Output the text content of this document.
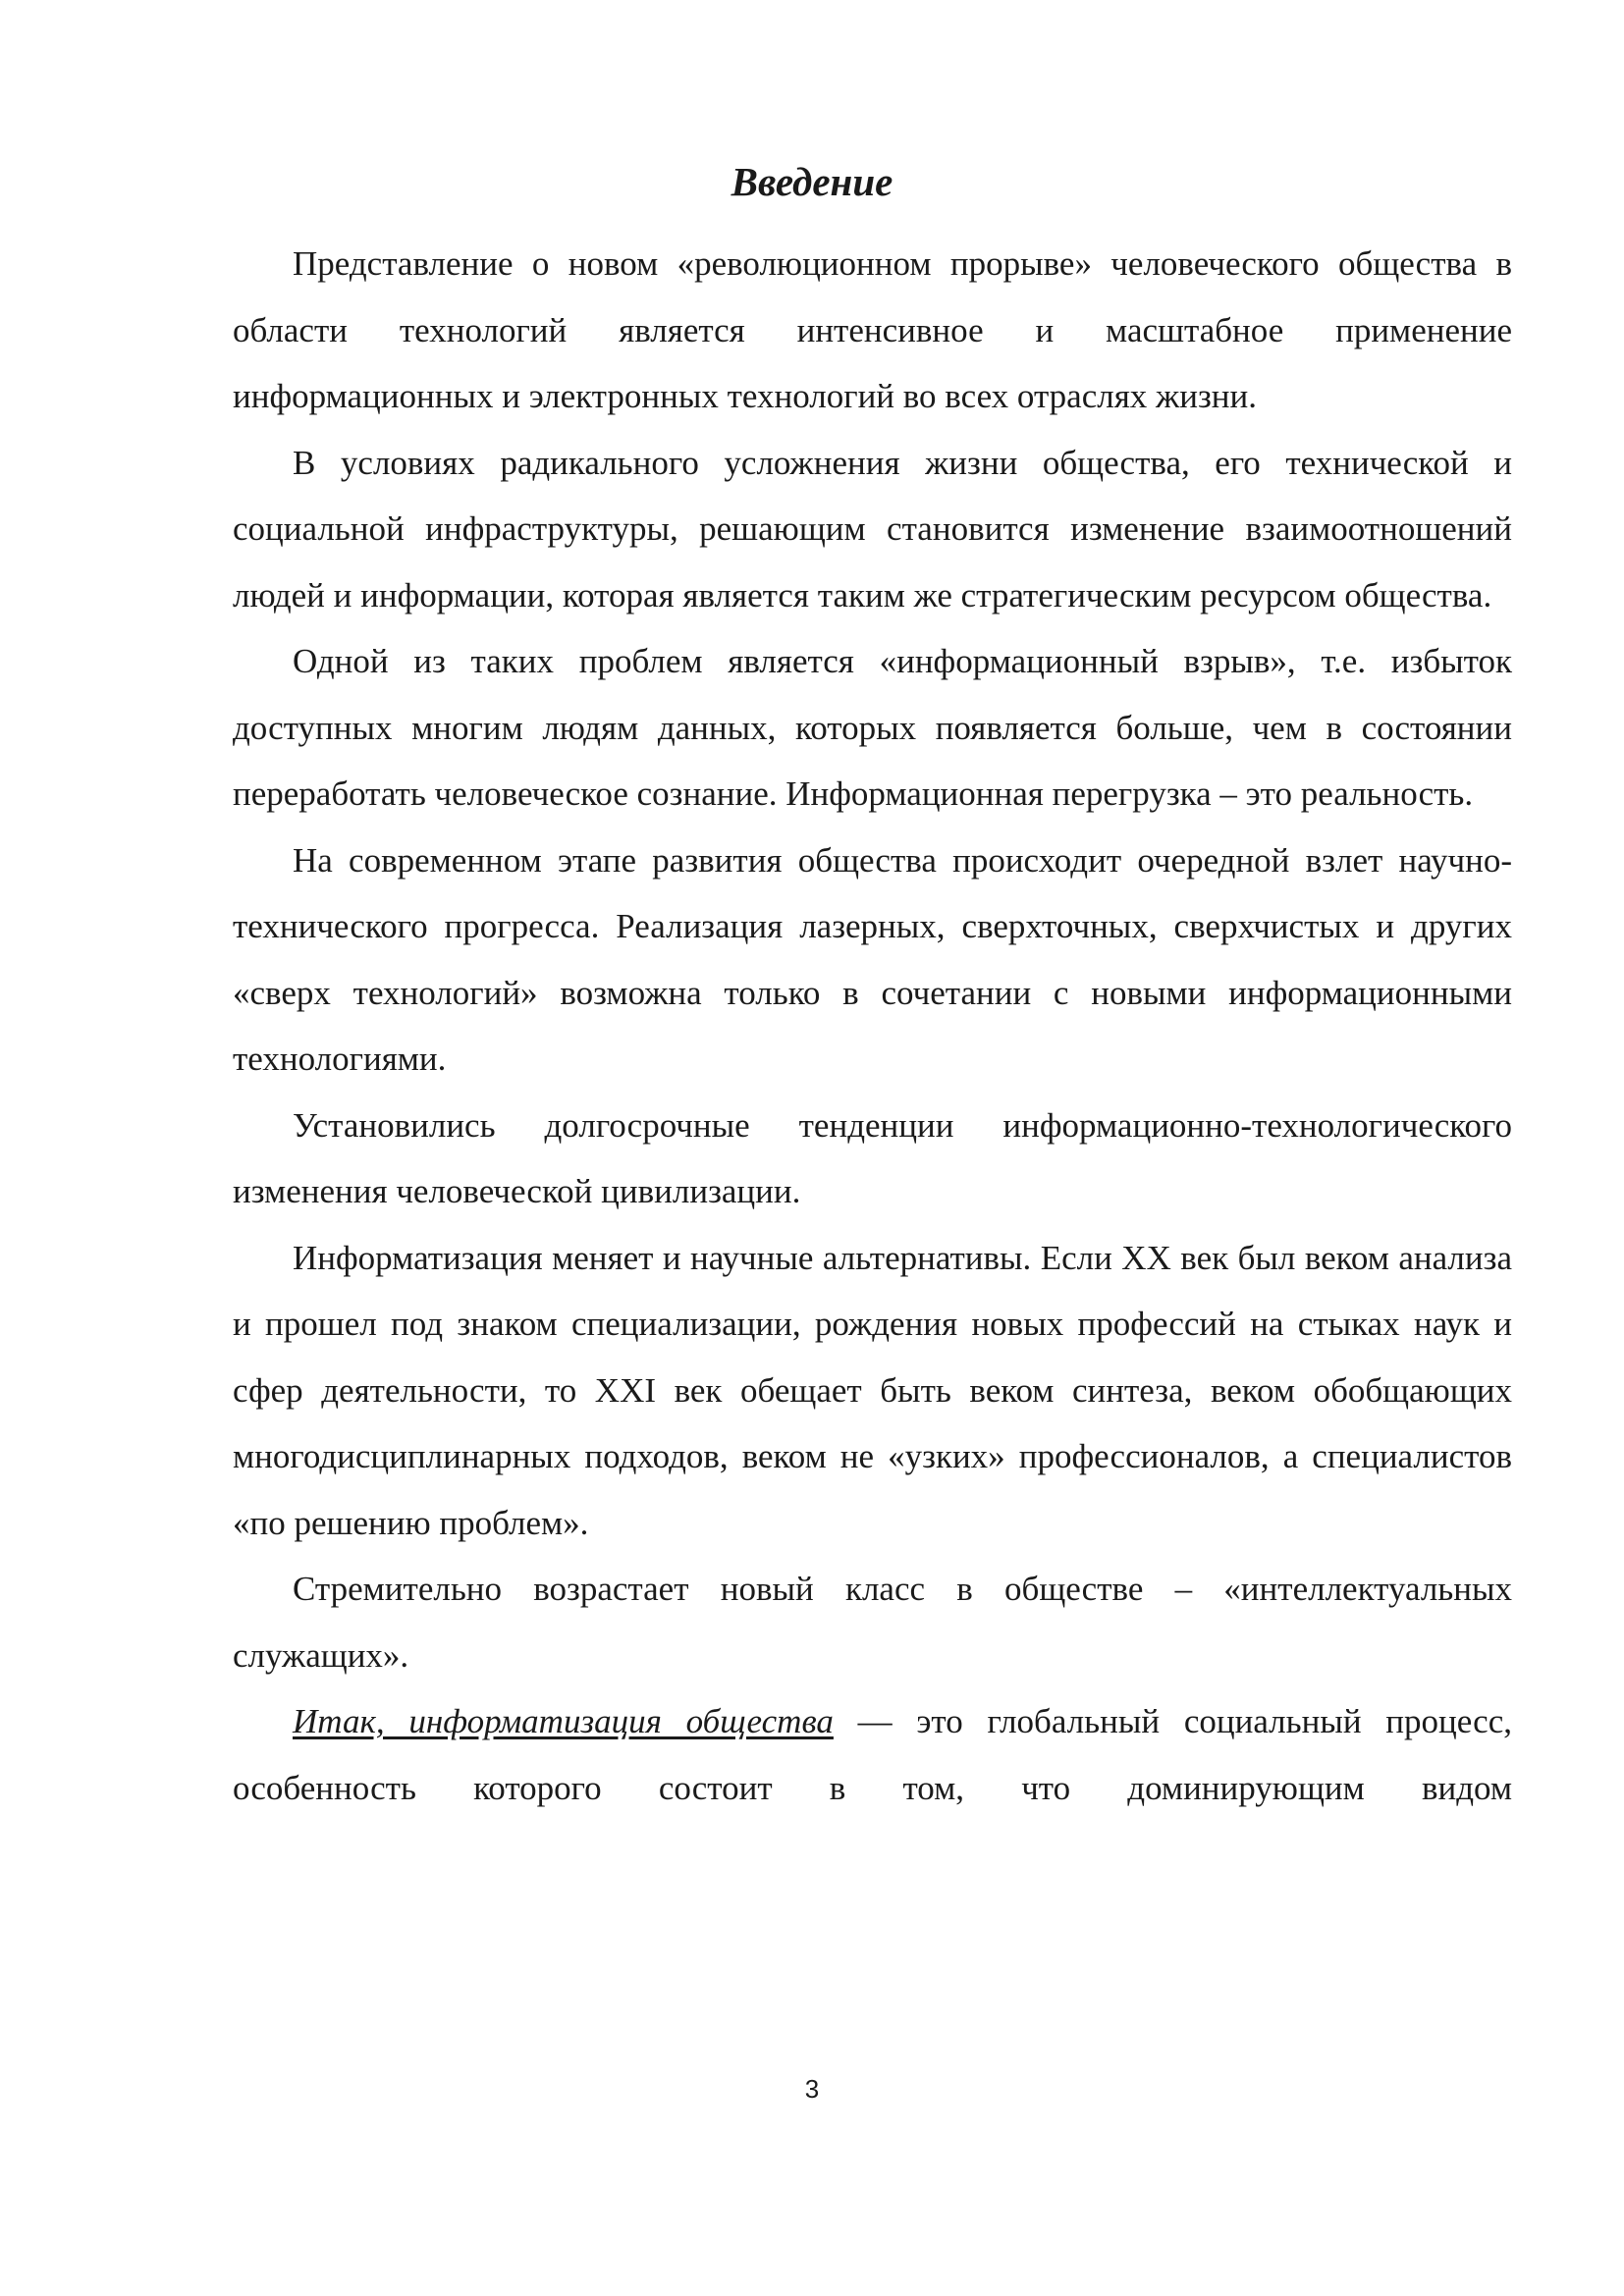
Введение

Представление о новом «революционном прорыве» человеческого общества в области технологий является интенсивное и масштабное применение информационных и электронных технологий во всех отраслях жизни.

В условиях радикального усложнения жизни общества, его технической и социальной инфраструктуры, решающим становится изменение взаимоотношений людей и информации, которая является таким же стратегическим ресурсом общества.

Одной из таких проблем является «информационный взрыв», т.е. избыток доступных многим людям данных, которых появляется больше, чем в состоянии переработать человеческое сознание. Информационная перегрузка – это реальность.

На современном этапе развития общества происходит очередной взлет научно-технического прогресса. Реализация лазерных, сверхточных, сверхчистых и других «сверх технологий» возможна только в сочетании с новыми информационными технологиями.

Установились долгосрочные тенденции информационно-технологического изменения человеческой цивилизации.

Информатизация меняет и научные альтернативы. Если XX век был веком анализа и прошел под знаком специализации, рождения новых профессий на стыках наук и сфер деятельности, то XXI век обещает быть веком синтеза, веком обобщающих многодисциплинарных подходов, веком не «узких» профессионалов, а специалистов «по решению проблем».

Стремительно возрастает новый класс в обществе – «интеллектуальных служащих».

Итак, информатизация общества — это глобальный социальный процесс, особенность которого состоит в том, что доминирующим видом

3
